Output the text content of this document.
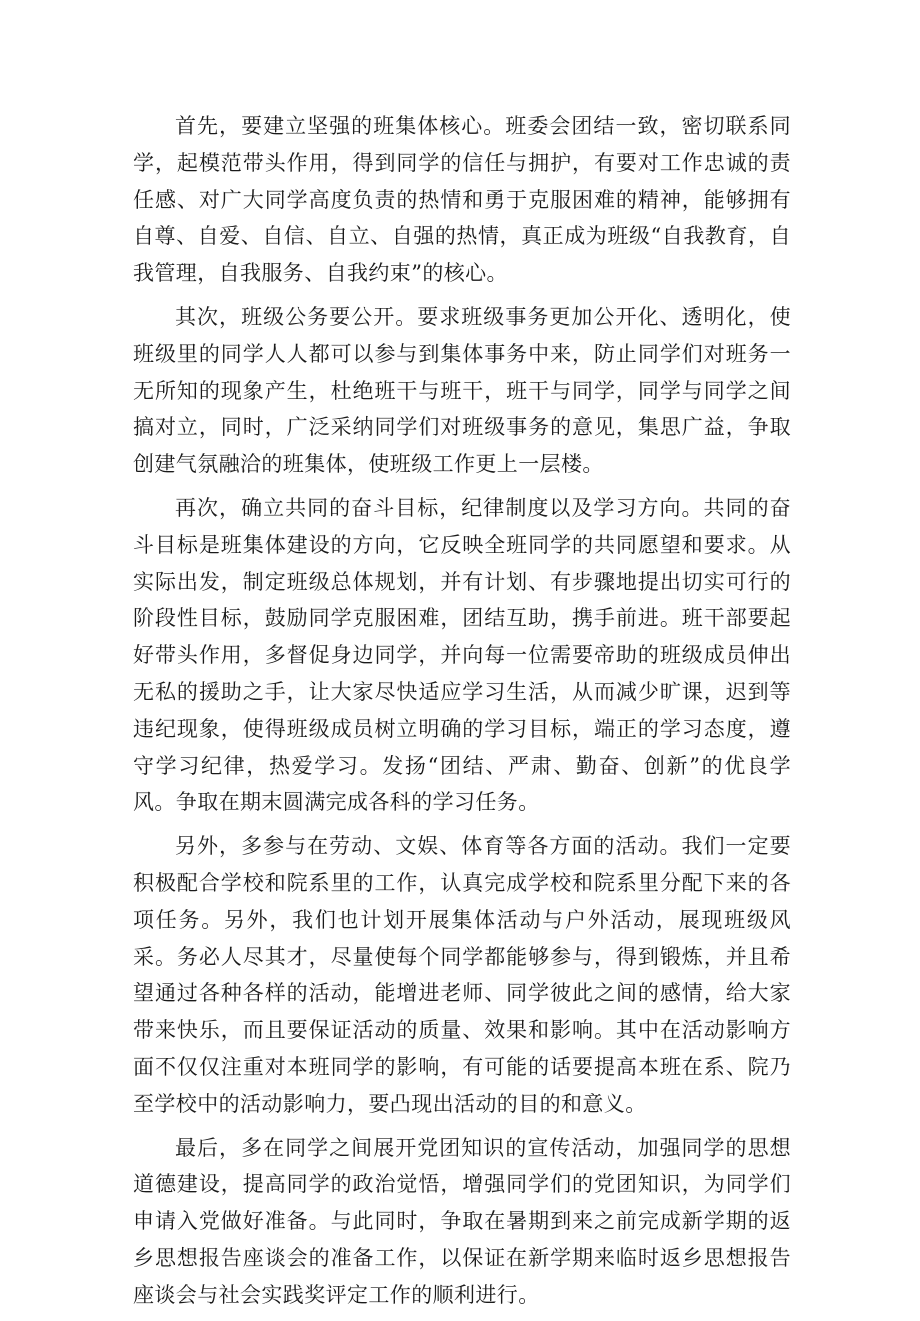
首先，要建立坚强的班集体核心。班委会团结一致，密切联系同学，起模范带头作用，得到同学的信任与拥护，有要对工作忠诚的责任感、对广大同学高度负责的热情和勇于克服困难的精神，能够拥有自尊、自爱、自信、自立、自强的热情，真正成为班级“自我教育，自我管理，自我服务、自我约束”的核心。

其次，班级公务要公开。要求班级事务更加公开化、透明化，使班级里的同学人人都可以参与到集体事务中来，防止同学们对班务一无所知的现象产生，杜绝班干与班干，班干与同学，同学与同学之间搞对立，同时，广泛采纳同学们对班级事务的意见，集思广益，争取创建气氛融洽的班集体，使班级工作更上一层楼。

再次，确立共同的奋斗目标，纪律制度以及学习方向。共同的奋斗目标是班集体建设的方向，它反映全班同学的共同愿望和要求。从实际出发，制定班级总体规划，并有计划、有步骤地提出切实可行的阶段性目标，鼓励同学克服困难，团结互助，携手前进。班干部要起好带头作用，多督促身边同学，并向每一位需要帝助的班级成员伸出无私的援助之手，让大家尽快适应学习生活，从而减少旷课，迟到等违纪现象，使得班级成员树立明确的学习目标，端正的学习态度，遵守学习纪律，热爱学习。发扬“团结、严肃、勤奋、创新”的优良学风。争取在期末圆满完成各科的学习任务。

另外，多参与在劳动、文娱、体育等各方面的活动。我们一定要积极配合学校和院系里的工作，认真完成学校和院系里分配下来的各项任务。另外，我们也计划开展集体活动与户外活动，展现班级风采。务必人尽其才，尽量使每个同学都能够参与，得到锻炼，并且希望通过各种各样的活动，能增进老师、同学彼此之间的感情，给大家带来快乐，而且要保证活动的质量、效果和影响。其中在活动影响方面不仅仅注重对本班同学的影响，有可能的话要提高本班在系、院乃至学校中的活动影响力，要凸现出活动的目的和意义。

最后，多在同学之间展开党团知识的宣传活动，加强同学的思想道德建设，提高同学的政治觉悟，增强同学们的党团知识，为同学们申请入党做好准备。与此同时，争取在暑期到来之前完成新学期的返乡思想报告座谈会的准备工作，以保证在新学期来临时返乡思想报告座谈会与社会实践奖评定工作的顺利进行。
